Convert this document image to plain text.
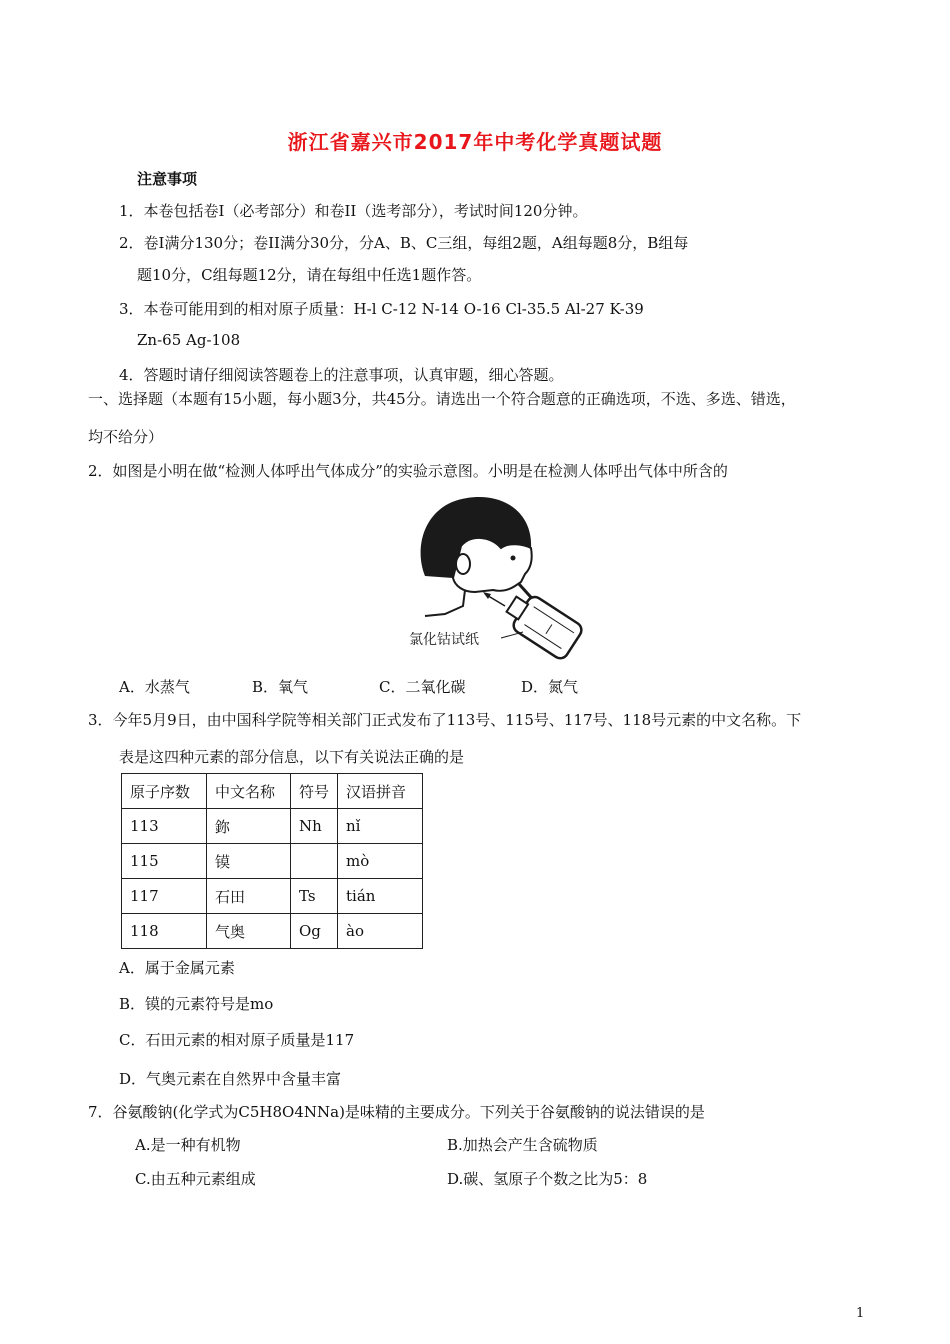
浙江省嘉兴市2017年中考化学真题试题
注意事项
1．本卷包括卷Ⅰ（必考部分）和卷II（选考部分），考试时间120分钟。
2．卷Ⅰ满分130分；卷II满分30分，分A、B、C三组，每组2题，A组每题8分，B组每
题10分，C组每题12分，请在每组中任选1题作答。
3．本卷可能用到的相对原子质量：H-l C-12 N-14 O-16 Cl-35.5 Al-27 K-39
Zn-65 Ag-108
4．答题时请仔细阅读答题卷上的注意事项，认真审题，细心答题。
一、选择题（本题有15小题，每小题3分，共45分。请选出一个符合题意的正确选项，不选、多选、错选，
均不给分）
2．如图是小明在做“检测人体呼出气体成分”的实验示意图。小明是在检测人体呼出气体中所含的
氯化钴试纸
A．水蒸气	B．氧气	C．二氧化碳	D．氮气
3．今年5月9日，由中国科学院等相关部门正式发布了113号、115号、117号、118号元素的中文名称。下
表是这四种元素的部分信息，以下有关说法正确的是
原子序数	中文名称	符号	汉语拼音
113	鉨	Nh	nǐ
115	镆		mò
117	石田	Ts	tián
118	气奥	Og	ào
A．属于金属元素
B．镆的元素符号是mo
C．石田元素的相对原子质量是117
D．气奥元素在自然界中含量丰富
7．谷氨酸钠(化学式为C5H8O4NNa)是味精的主要成分。下列关于谷氨酸钠的说法错误的是
A.是一种有机物	B.加热会产生含硫物质
C.由五种元素组成	D.碳、氢原子个数之比为5：8
1
